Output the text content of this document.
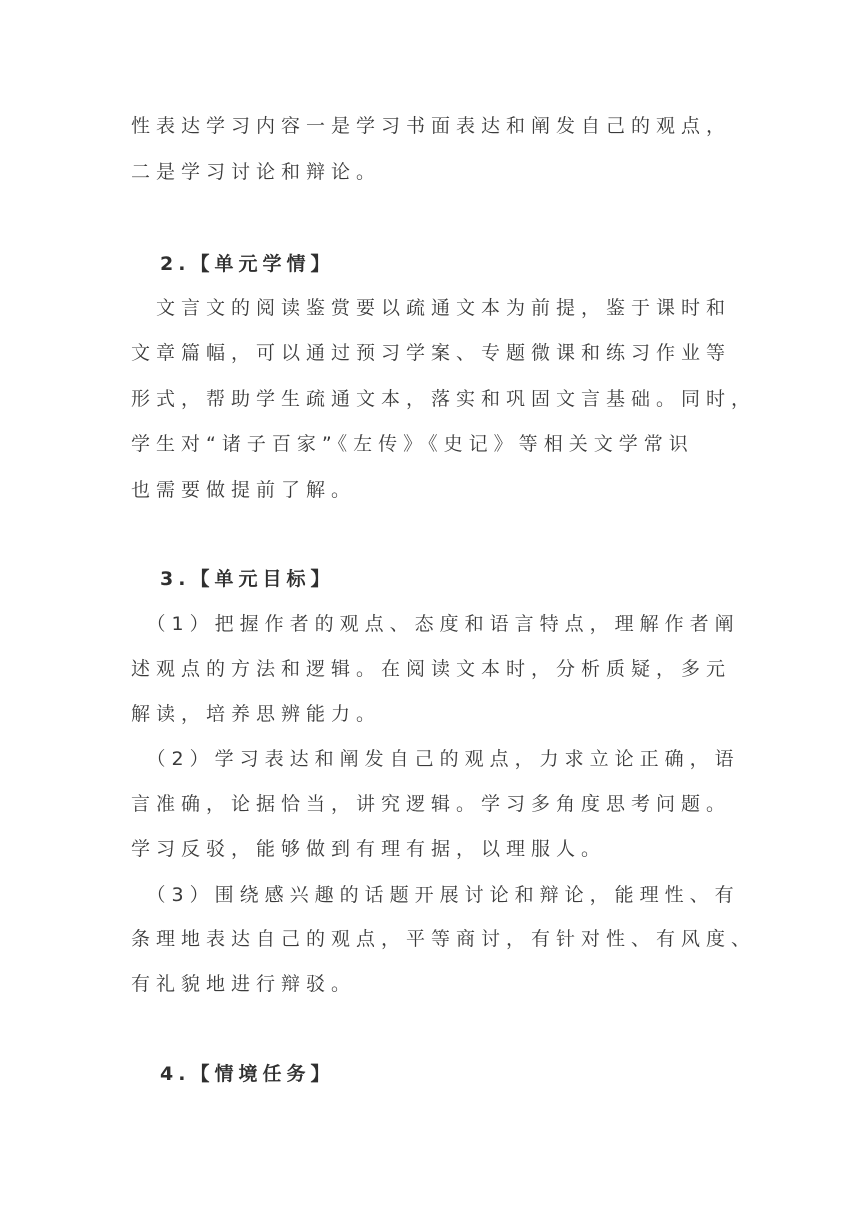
性表达学习内容一是学习书面表达和阐发自己的观点，
二是学习讨论和辩论。
2.【单元学情】
　文言文的阅读鉴赏要以疏通文本为前提，鉴于课时和
文章篇幅，可以通过预习学案、专题微课和练习作业等
形式，帮助学生疏通文本，落实和巩固文言基础。同时，
学生对“诸子百家”《左传》《史记》等相关文学常识
也需要做提前了解。
3.【单元目标】
　（1）把握作者的观点、态度和语言特点，理解作者阐
述观点的方法和逻辑。在阅读文本时，分析质疑，多元
解读，培养思辨能力。
　（2）学习表达和阐发自己的观点，力求立论正确，语
言准确，论据恰当，讲究逻辑。学习多角度思考问题。
学习反驳，能够做到有理有据，以理服人。
　（3）围绕感兴趣的话题开展讨论和辩论，能理性、有
条理地表达自己的观点，平等商讨，有针对性、有风度、
有礼貌地进行辩驳。
4.【情境任务】
